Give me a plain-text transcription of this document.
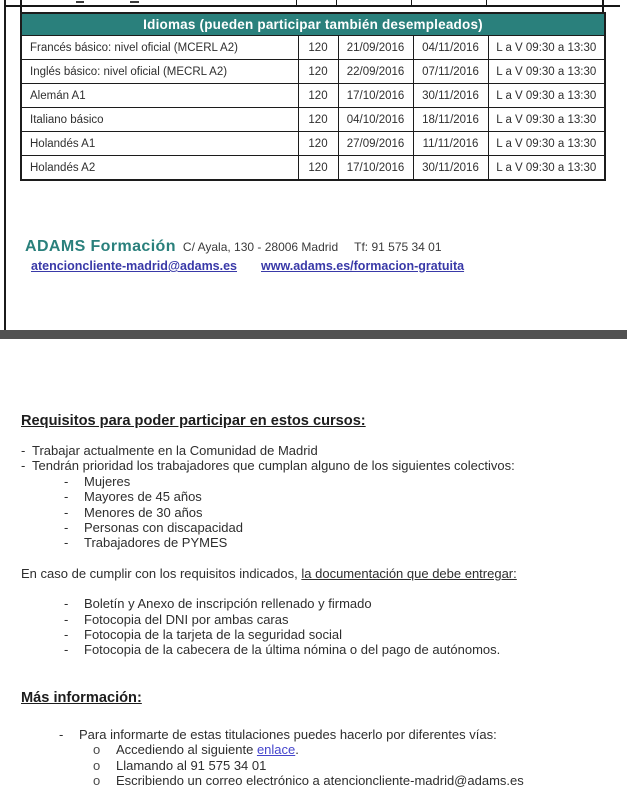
Idiomas (pueden participar también desempleados)				
Francés básico: nivel oficial (MCERL A2)	120	21/09/2016	04/11/2016	L a V 09:30 a 13:30
Inglés básico: nivel oficial (MECRL A2)	120	22/09/2016	07/11/2016	L a V 09:30 a 13:30
Alemán A1	120	17/10/2016	30/11/2016	L a V 09:30 a 13:30
Italiano básico	120	04/10/2016	18/11/2016	L a V 09:30 a 13:30
Holandés A1	120	27/09/2016	11/11/2016	L a V 09:30 a 13:30
Holandés A2	120	17/10/2016	30/11/2016	L a V 09:30 a 13:30
ADAMS Formación C/ Ayala, 130 - 28006 Madrid Tf: 91 575 34 01
atencioncliente-madrid@adams.es www.adams.es/formacion-gratuita
Requisitos para poder participar en estos cursos:
- Trabajar actualmente en la Comunidad de Madrid
- Tendrán prioridad los trabajadores que cumplan alguno de los siguientes colectivos:
-	Mujeres
-	Mayores de 45 años
-	Menores de 30 años
-	Personas con discapacidad
-	Trabajadores de PYMES
En caso de cumplir con los requisitos indicados, la documentación que debe entregar:
-	Boletín y Anexo de inscripción rellenado y firmado
-	Fotocopia del DNI por ambas caras
-	Fotocopia de la tarjeta de la seguridad social
-	Fotocopia de la cabecera de la última nómina o del pago de autónomos.
Más información:
-	Para informarte de estas titulaciones puedes hacerlo por diferentes vías:
o	Accediendo al siguiente enlace.
o	Llamando al 91 575 34 01
o	Escribiendo un correo electrónico a atencioncliente-madrid@adams.es
